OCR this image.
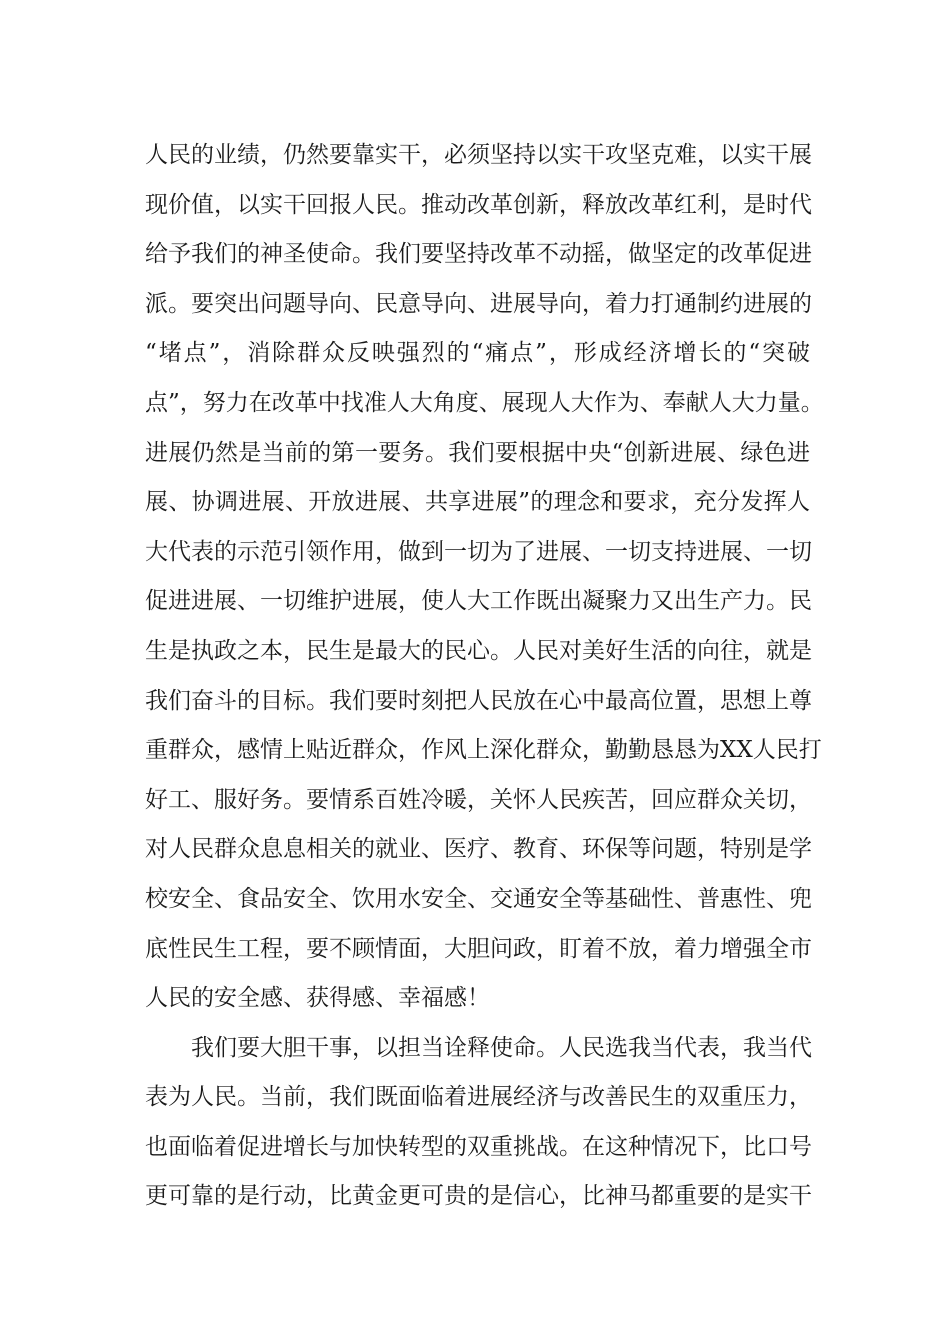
人民的业绩，仍然要靠实干，必须坚持以实干攻坚克难，以实干展
现价值，以实干回报人民。推动改革创新，释放改革红利，是时代
给予我们的神圣使命。我们要坚持改革不动摇，做坚定的改革促进
派。要突出问题导向、民意导向、进展导向，着力打通制约进展的
“堵点”，消除群众反映强烈的“痛点”，形成经济增长的“突破
点”，努力在改革中找准人大角度、展现人大作为、奉献人大力量。
进展仍然是当前的第一要务。我们要根据中央“创新进展、绿色进
展、协调进展、开放进展、共享进展”的理念和要求，充分发挥人
大代表的示范引领作用，做到一切为了进展、一切支持进展、一切
促进进展、一切维护进展，使人大工作既出凝聚力又出生产力。民
生是执政之本，民生是最大的民心。人民对美好生活的向往，就是
我们奋斗的目标。我们要时刻把人民放在心中最高位置，思想上尊
重群众，感情上贴近群众，作风上深化群众，勤勤恳恳为XX人民打
好工、服好务。要情系百姓冷暖，关怀人民疾苦，回应群众关切，
对人民群众息息相关的就业、医疗、教育、环保等问题，特别是学
校安全、食品安全、饮用水安全、交通安全等基础性、普惠性、兜
底性民生工程，要不顾情面，大胆问政，盯着不放，着力增强全市
人民的安全感、获得感、幸福感！
我们要大胆干事，以担当诠释使命。人民选我当代表，我当代
表为人民。当前，我们既面临着进展经济与改善民生的双重压力，
也面临着促进增长与加快转型的双重挑战。在这种情况下，比口号
更可靠的是行动，比黄金更可贵的是信心，比神马都重要的是实干
